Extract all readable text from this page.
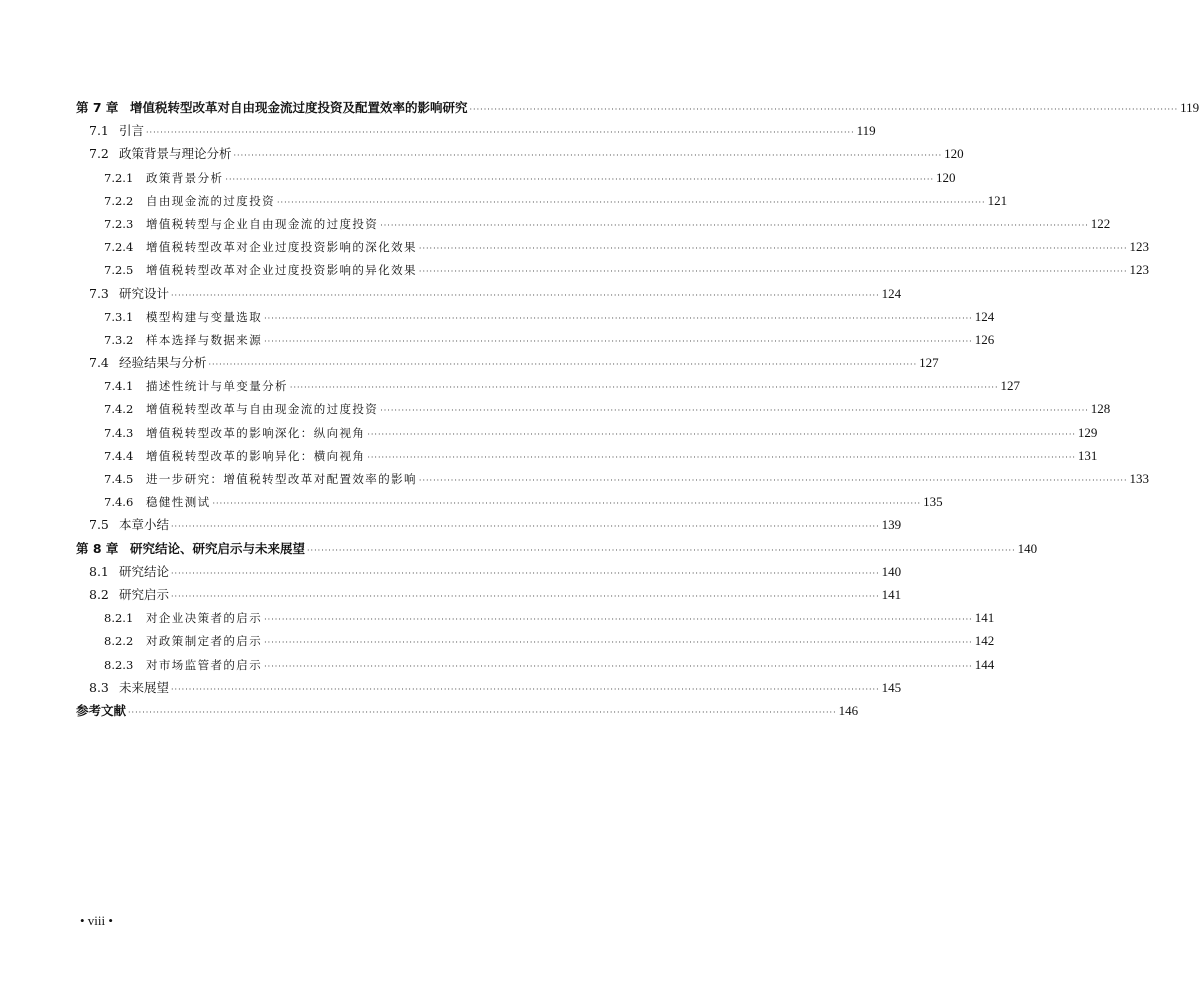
第 7 章 增值税转型改革对自由现金流过度投资及配置效率的影响研究 ········································································································································································································ 119
7.1 引言 ········································································································································································································ 119
7.2 政策背景与理论分析 ········································································································································································································ 120
7.2.1	政策背景分析 ········································································································································································································ 120
7.2.2	自由现金流的过度投资 ········································································································································································································ 121
7.2.3	增值税转型与企业自由现金流的过度投资 ········································································································································································································ 122
7.2.4	增值税转型改革对企业过度投资影响的深化效果 ········································································································································································································ 123
7.2.5	增值税转型改革对企业过度投资影响的异化效果 ········································································································································································································ 123
7.3 研究设计 ········································································································································································································ 124
7.3.1	模型构建与变量选取 ········································································································································································································ 124
7.3.2	样本选择与数据来源 ········································································································································································································ 126
7.4 经验结果与分析 ········································································································································································································ 127
7.4.1	描述性统计与单变量分析 ········································································································································································································ 127
7.4.2	增值税转型改革与自由现金流的过度投资 ········································································································································································································ 128
7.4.3	增值税转型改革的影响深化：纵向视角 ········································································································································································································ 129
7.4.4	增值税转型改革的影响异化：横向视角 ········································································································································································································ 131
7.4.5	进一步研究：增值税转型改革对配置效率的影响 ········································································································································································································ 133
7.4.6	稳健性测试 ········································································································································································································ 135
7.5 本章小结 ········································································································································································································ 139
第 8 章 研究结论、研究启示与未来展望 ········································································································································································································ 140
8.1 研究结论 ········································································································································································································ 140
8.2 研究启示 ········································································································································································································ 141
8.2.1	对企业决策者的启示 ········································································································································································································ 141
8.2.2	对政策制定者的启示 ········································································································································································································ 142
8.2.3	对市场监管者的启示 ········································································································································································································ 144
8.3 未来展望 ········································································································································································································ 145
参考文献 ········································································································································································································ 146
• viii •
